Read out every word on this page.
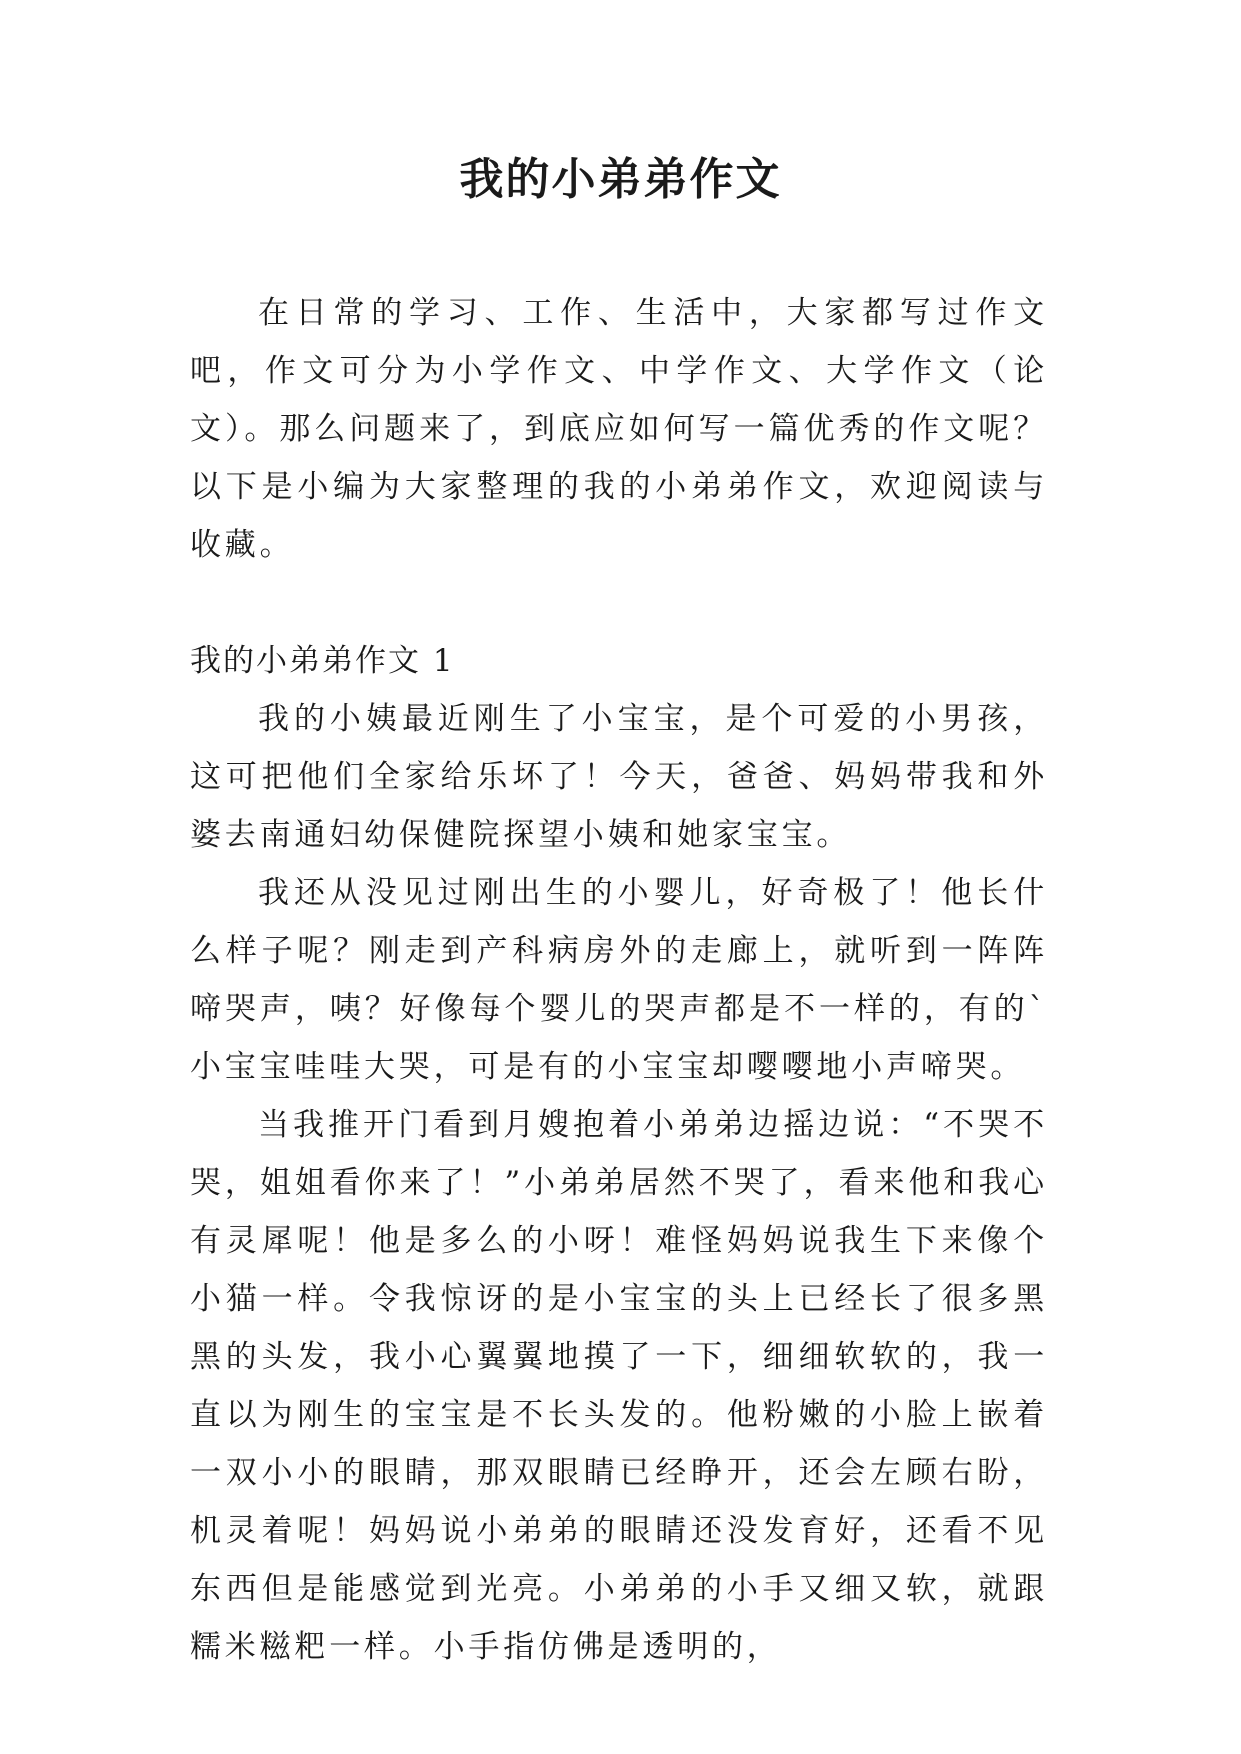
我的小弟弟作文

在日常的学习、工作、生活中，大家都写过作文吧，作文可分为小学作文、中学作文、大学作文（论文）。那么问题来了，到底应如何写一篇优秀的作文呢？以下是小编为大家整理的我的小弟弟作文，欢迎阅读与收藏。

我的小弟弟作文 1

我的小姨最近刚生了小宝宝，是个可爱的小男孩，这可把他们全家给乐坏了！今天，爸爸、妈妈带我和外婆去南通妇幼保健院探望小姨和她家宝宝。

我还从没见过刚出生的小婴儿，好奇极了！他长什么样子呢？刚走到产科病房外的走廊上，就听到一阵阵啼哭声，咦？好像每个婴儿的哭声都是不一样的，有的`小宝宝哇哇大哭，可是有的小宝宝却嘤嘤地小声啼哭。

当我推开门看到月嫂抱着小弟弟边摇边说：“不哭不哭，姐姐看你来了！”小弟弟居然不哭了，看来他和我心有灵犀呢！他是多么的小呀！难怪妈妈说我生下来像个小猫一样。令我惊讶的是小宝宝的头上已经长了很多黑黑的头发，我小心翼翼地摸了一下，细细软软的，我一直以为刚生的宝宝是不长头发的。他粉嫩的小脸上嵌着一双小小的眼睛，那双眼睛已经睁开，还会左顾右盼，机灵着呢！妈妈说小弟弟的眼睛还没发育好，还看不见东西但是能感觉到光亮。小弟弟的小手又细又软，就跟糯米糍粑一样。小手指仿佛是透明的，
